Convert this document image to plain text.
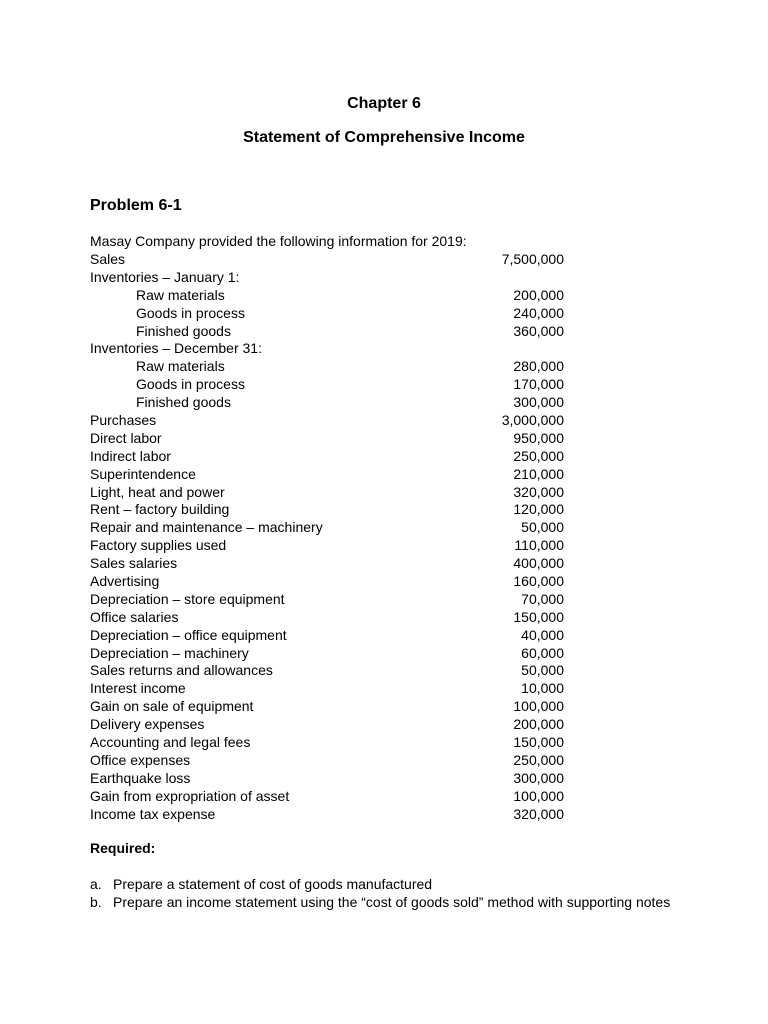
Chapter 6
Statement of Comprehensive Income
Problem 6-1
Masay Company provided the following information for 2019:
Sales	7,500,000
Inventories – January 1:
Raw materials	200,000
Goods in process	240,000
Finished goods	360,000
Inventories – December 31:
Raw materials	280,000
Goods in process	170,000
Finished goods	300,000
Purchases	3,000,000
Direct labor	950,000
Indirect labor	250,000
Superintendence	210,000
Light, heat and power	320,000
Rent – factory building	120,000
Repair and maintenance – machinery	50,000
Factory supplies used	110,000
Sales salaries	400,000
Advertising	160,000
Depreciation – store equipment	70,000
Office salaries	150,000
Depreciation – office equipment	40,000
Depreciation – machinery	60,000
Sales returns and allowances	50,000
Interest income	10,000
Gain on sale of equipment	100,000
Delivery expenses	200,000
Accounting and legal fees	150,000
Office expenses	250,000
Earthquake loss	300,000
Gain from expropriation of asset	100,000
Income tax expense	320,000
Required:
a. Prepare a statement of cost of goods manufactured
b. Prepare an income statement using the “cost of goods sold” method with supporting notes
